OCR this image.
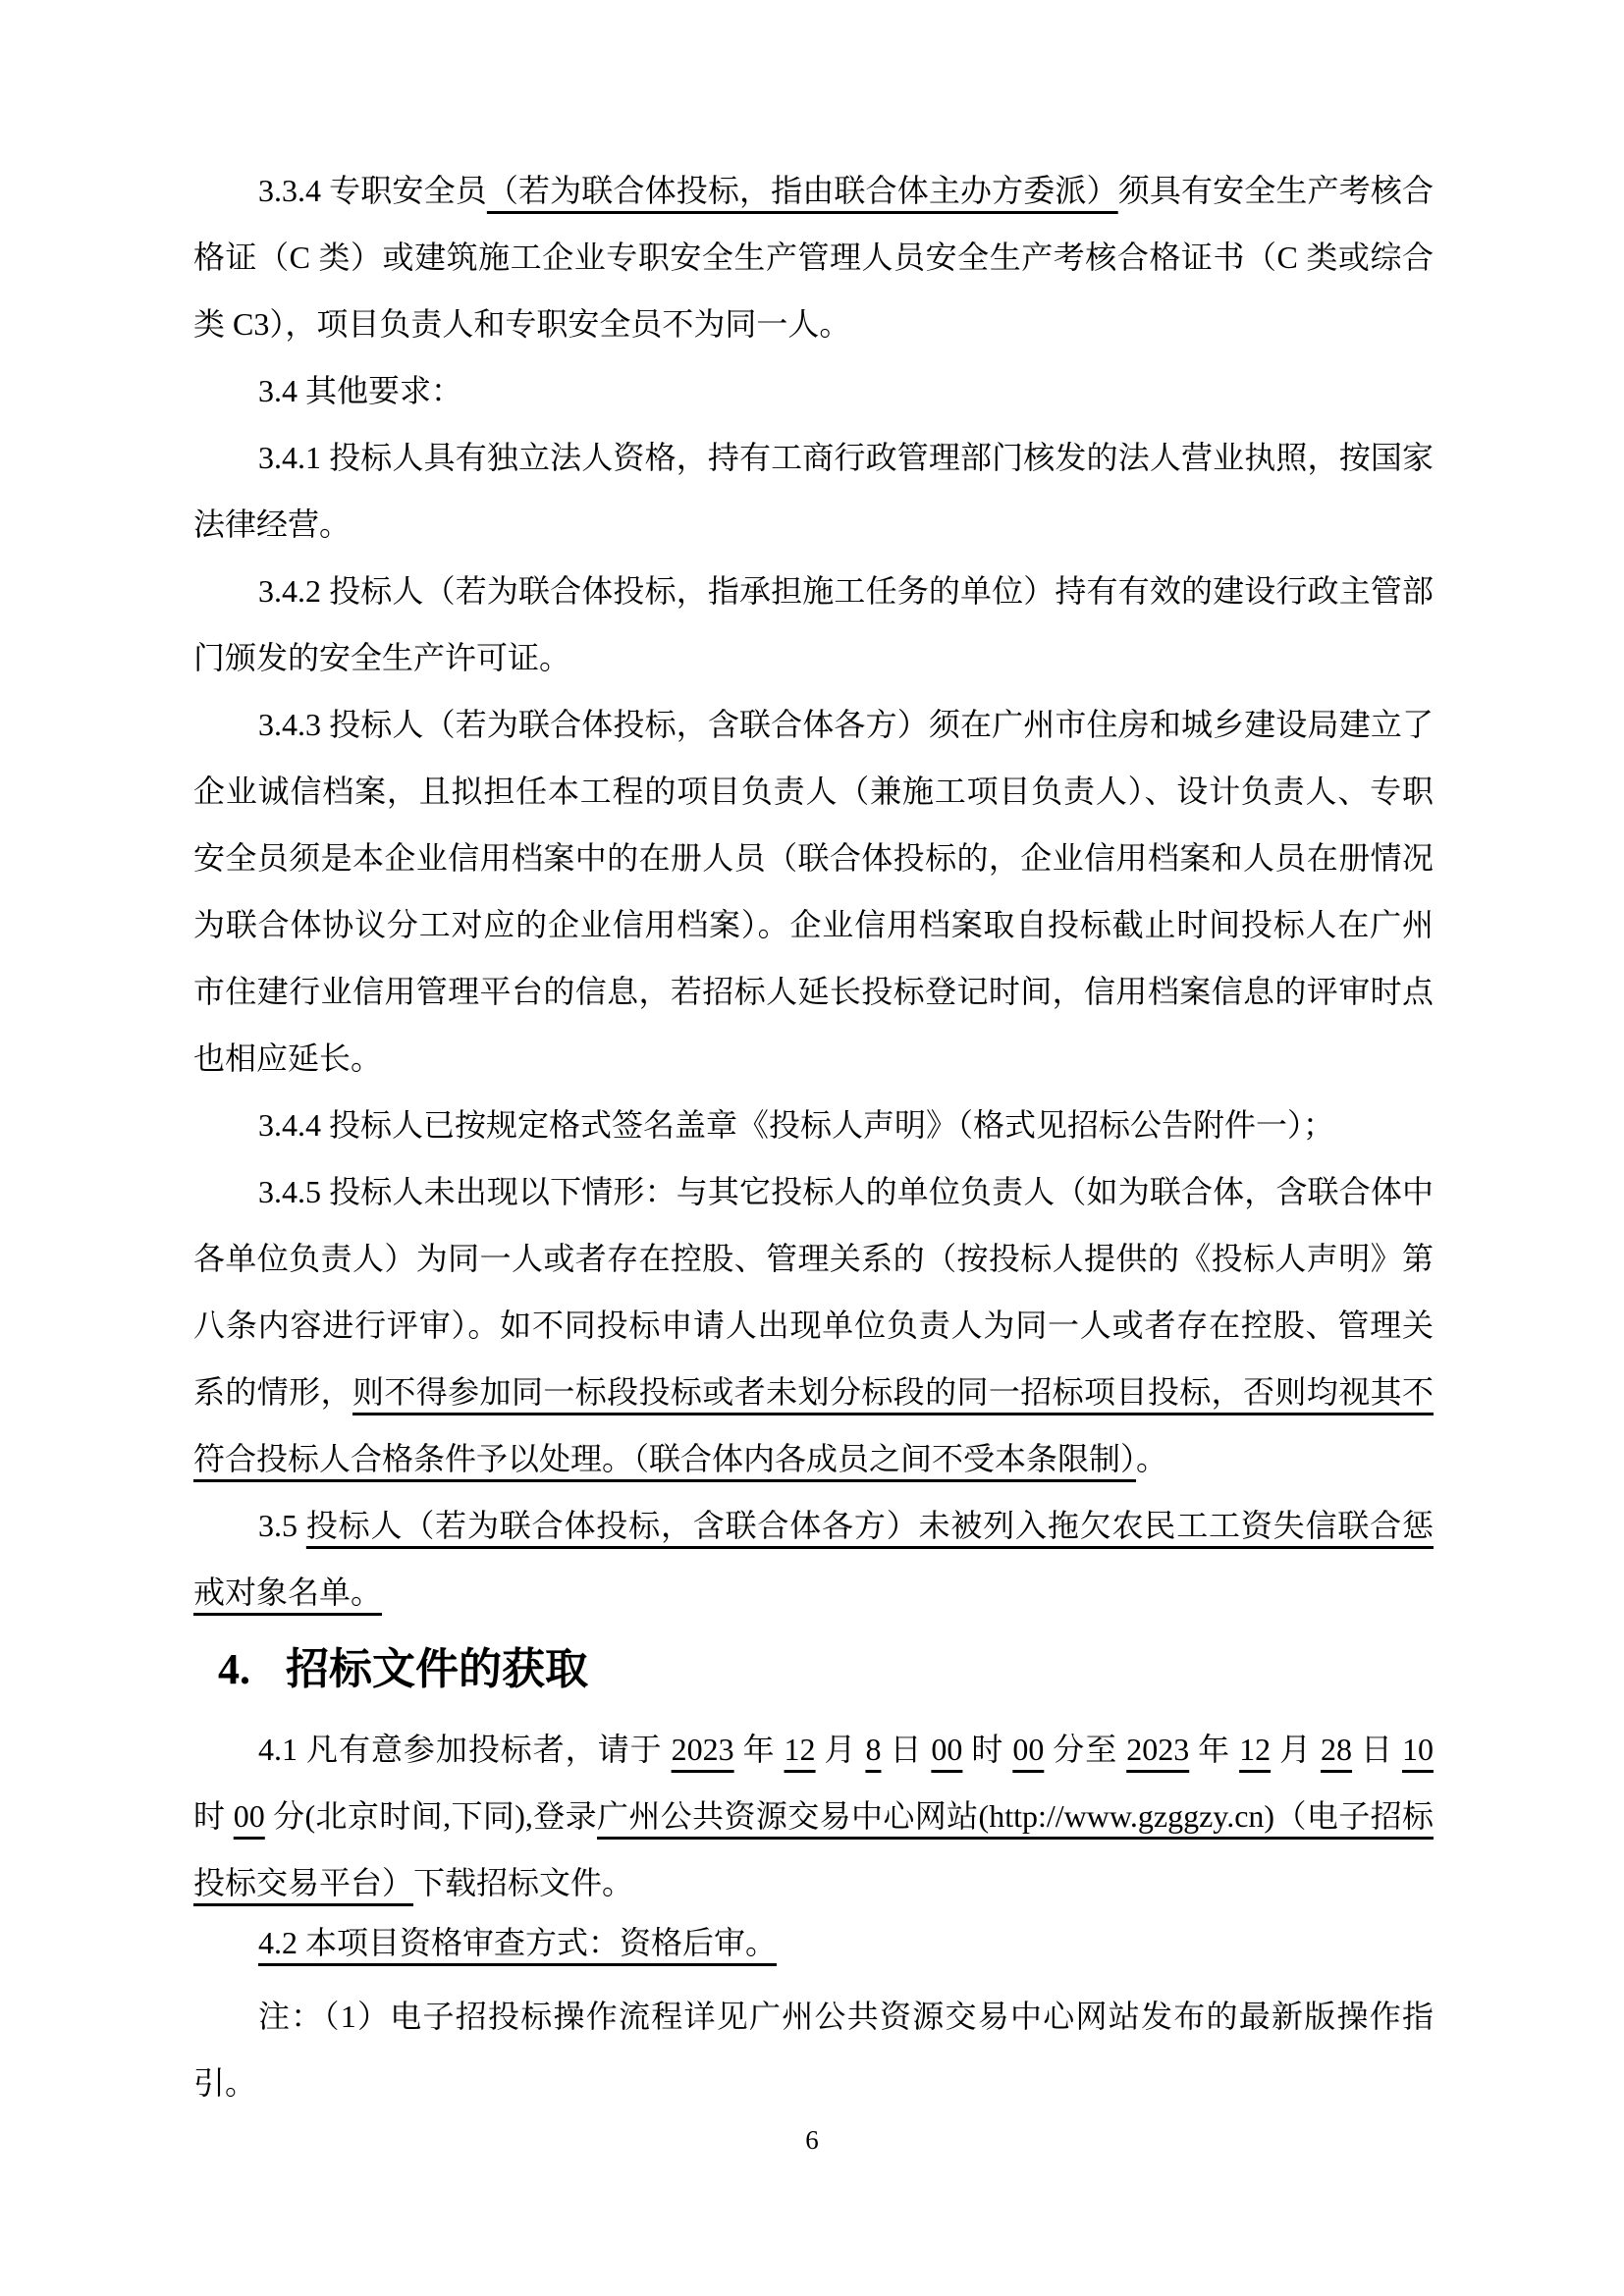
3.3.4 专职安全员（若为联合体投标，指由联合体主办方委派）须具有安全生产考核合格证（C 类）或建筑施工企业专职安全生产管理人员安全生产考核合格证书（C 类或综合类 C3），项目负责人和专职安全员不为同一人。

3.4 其他要求：

3.4.1 投标人具有独立法人资格，持有工商行政管理部门核发的法人营业执照，按国家法律经营。

3.4.2 投标人（若为联合体投标，指承担施工任务的单位）持有有效的建设行政主管部门颁发的安全生产许可证。

3.4.3 投标人（若为联合体投标，含联合体各方）须在广州市住房和城乡建设局建立了企业诚信档案，且拟担任本工程的项目负责人（兼施工项目负责人）、设计负责人、专职安全员须是本企业信用档案中的在册人员（联合体投标的，企业信用档案和人员在册情况为联合体协议分工对应的企业信用档案）。企业信用档案取自投标截止时间投标人在广州市住建行业信用管理平台的信息，若招标人延长投标登记时间，信用档案信息的评审时点也相应延长。

3.4.4 投标人已按规定格式签名盖章《投标人声明》（格式见招标公告附件一）；

3.4.5 投标人未出现以下情形：与其它投标人的单位负责人（如为联合体，含联合体中各单位负责人）为同一人或者存在控股、管理关系的（按投标人提供的《投标人声明》第八条内容进行评审）。如不同投标申请人出现单位负责人为同一人或者存在控股、管理关系的情形，则不得参加同一标段投标或者未划分标段的同一招标项目投标，否则均视其不符合投标人合格条件予以处理。（联合体内各成员之间不受本条限制）。

3.5 投标人（若为联合体投标，含联合体各方）未被列入拖欠农民工工资失信联合惩戒对象名单。

4. 招标文件的获取

4.1 凡有意参加投标者，请于 2023 年 12 月 8 日 00 时 00 分至 2023 年 12 月 28 日 10 时 00 分(北京时间,下同),登录广州公共资源交易中心网站(http://www.gzggzy.cn)（电子招标投标交易平台）下载招标文件。

4.2 本项目资格审查方式：资格后审。

注：（1）电子招投标操作流程详见广州公共资源交易中心网站发布的最新版操作指引。

6
